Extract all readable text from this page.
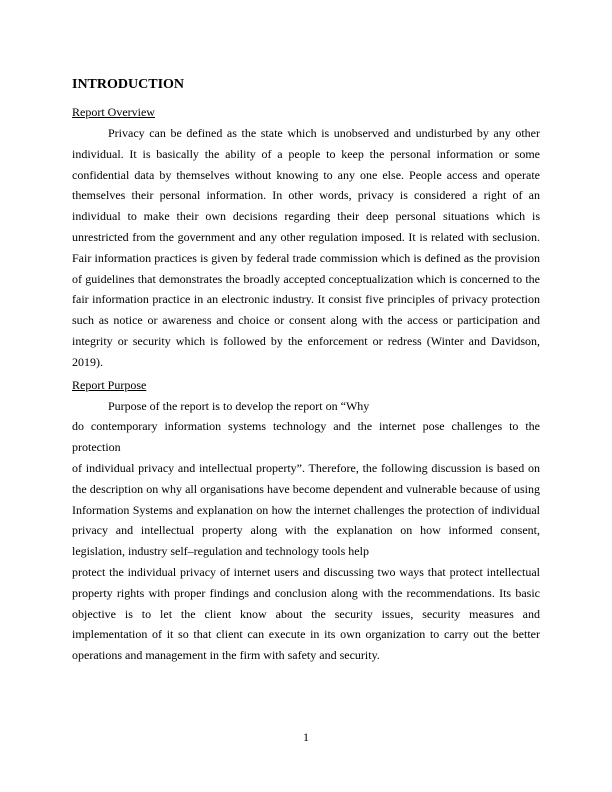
INTRODUCTION
Report Overview

Privacy can be defined as the state which is unobserved and undisturbed by any other individual. It is basically the ability of a people to keep the personal information or some confidential data by themselves without knowing to any one else. People access and operate themselves their personal information. In other words, privacy is considered a right of an individual to make their own decisions regarding their deep personal situations which is unrestricted from the government and any other regulation imposed. It is related with seclusion. Fair information practices is given by federal trade commission which is defined as the provision of guidelines that demonstrates the broadly accepted conceptualization which is concerned to the fair information practice in an electronic industry. It consist five principles of privacy protection such as notice or awareness and choice or consent along with the access or participation and integrity or security which is followed by the enforcement or redress (Winter and Davidson, 2019).

Report Purpose

Purpose of the report is to develop the report on “Why

do contemporary information systems technology and the internet pose challenges to the protection
of individual privacy and intellectual property”. Therefore, the following discussion is based on the description on why all organisations have become dependent and vulnerable because of using Information Systems and explanation on how the internet challenges the protection of individual privacy and intellectual property along with the explanation on how informed consent, legislation, industry self–regulation and technology tools help
protect the individual privacy of internet users and discussing two ways that protect intellectual property rights with proper findings and conclusion along with the recommendations. Its basic objective is to let the client know about the security issues, security measures and implementation of it so that client can execute in its own organization to carry out the better operations and management in the firm with safety and security.

1
